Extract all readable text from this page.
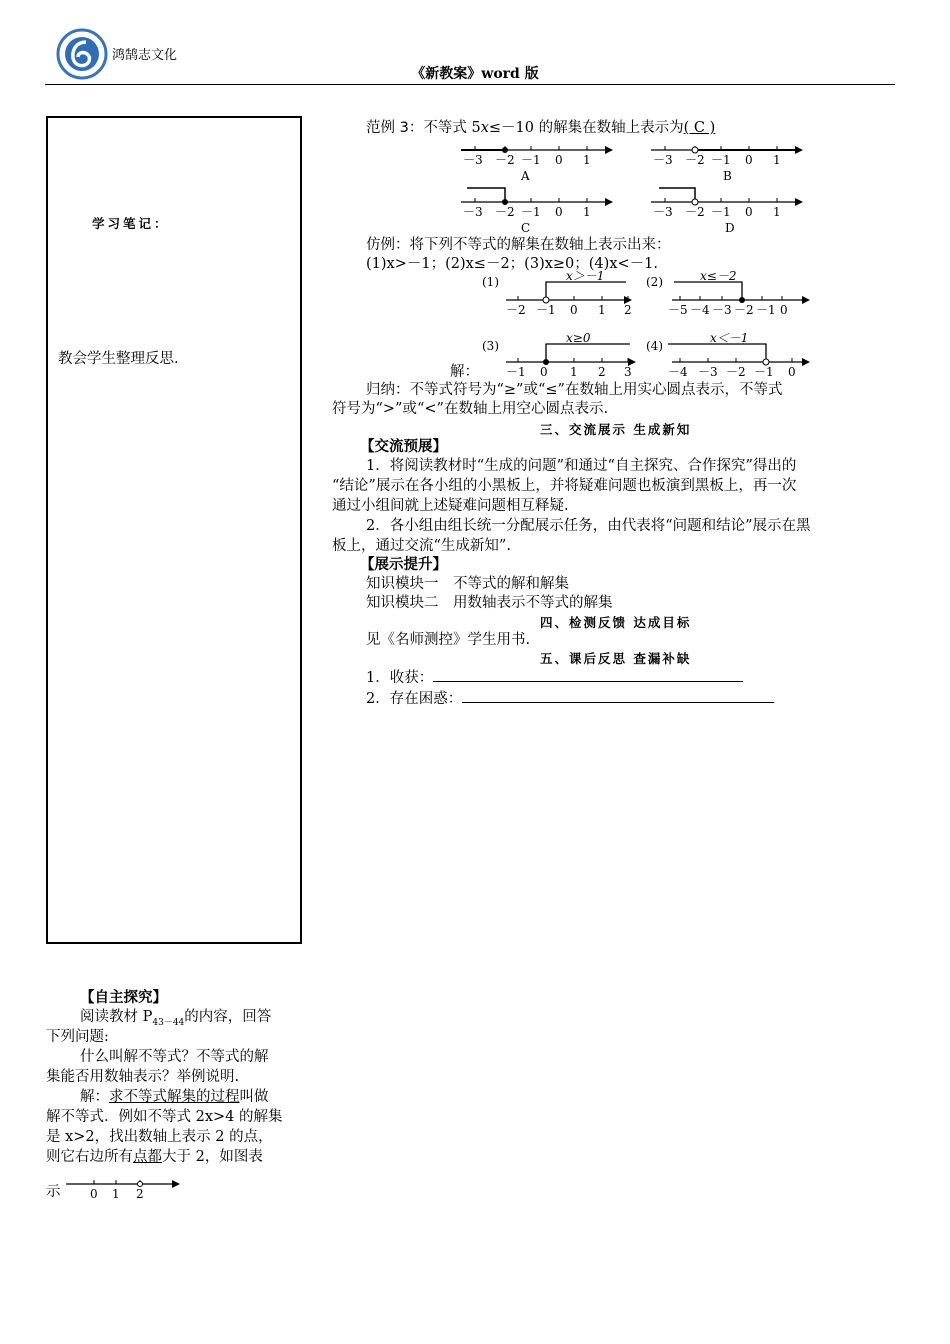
鸿鹄志文化
《新教案》word 版
学习笔记：
教会学生整理反思.
范例 3：不等式 5x≤－10 的解集在数轴上表示为( C )
－3 －2 －1 0 1
A
－3 －2 －1 0 1
B
－3 －2 －1 0 1
C
－3 －2 －1 0 1
D
仿例：将下列不等式的解集在数轴上表示出来：
(1)x>－1；(2)x≤－2；(3)x≥0；(4)x<－1.
(1)	x＞－1
－2 －1 0 1 2
(2)	x≤－2
－5 －4 －3 －2 －1 0
解：
(3)
x≥0
－1 0 1 2 3
(4)
x＜－1
－4 －3 －2 －1 0
归纳：不等式符号为“≥”或“≤”在数轴上用实心圆点表示，不等式
符号为“>”或“<”在数轴上用空心圆点表示.
三、交流展示 生成新知
【交流预展】
1．将阅读教材时“生成的问题”和通过“自主探究、合作探究”得出的
“结论”展示在各小组的小黑板上，并将疑难问题也板演到黑板上，再一次
通过小组间就上述疑难问题相互释疑.
2．各小组由组长统一分配展示任务，由代表将“问题和结论”展示在黑
板上，通过交流“生成新知”.
【展示提升】
知识模块一　不等式的解和解集
知识模块二　用数轴表示不等式的解集
四、检测反馈 达成目标
见《名师测控》学生用书.
五、课后反思 查漏补缺
1．收获：
2．存在困惑：
【自主探究】
阅读教材 $P_{43-44}$的内容，回答
下列问题:
什么叫解不等式？不等式的解
集能否用数轴表示？举例说明.
解：求不等式解集的过程叫做
解不等式．例如不等式 2x>4 的解集
是 x>2，找出数轴上表示 2 的点，
则它右边所有点都大于 2，如图表
示 0 1 2
